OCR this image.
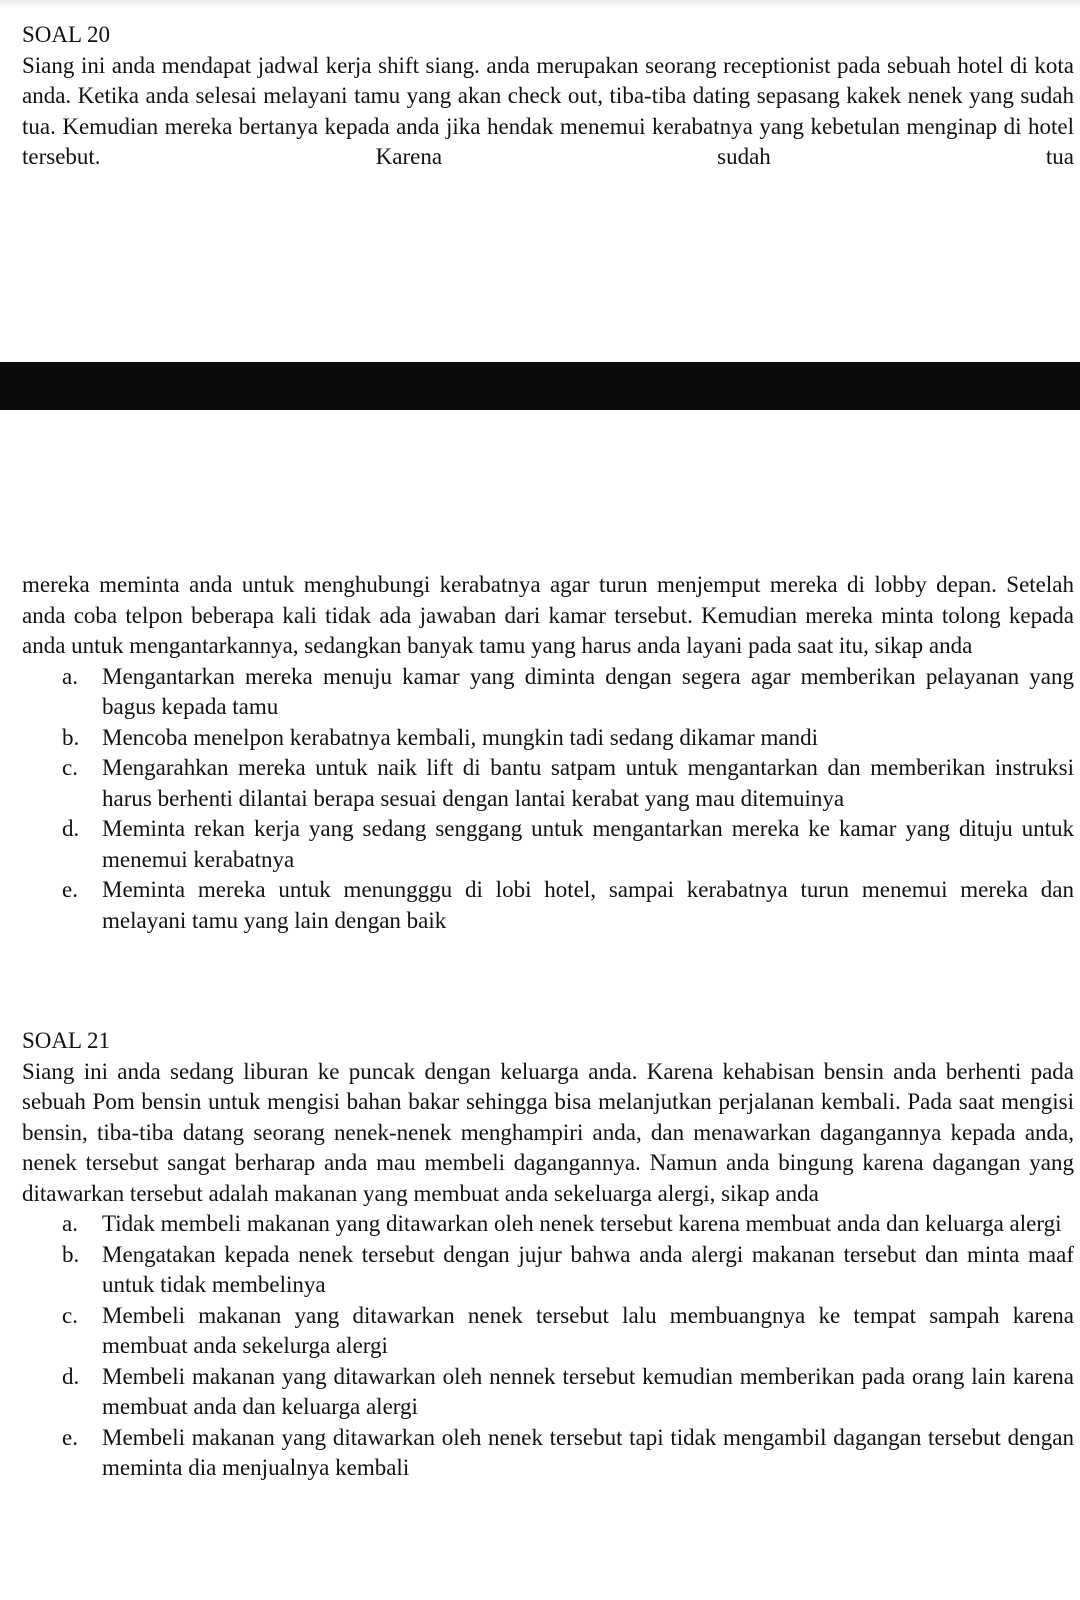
SOAL 20

Siang ini anda mendapat jadwal kerja shift siang. anda merupakan seorang receptionist pada sebuah hotel di kota anda. Ketika anda selesai melayani tamu yang akan check out, tiba-tiba dating sepasang kakek nenek yang sudah tua. Kemudian mereka bertanya kepada anda jika hendak menemui kerabatnya yang kebetulan menginap di hotel tersebut. Karena sudah tua

mereka meminta anda untuk menghubungi kerabatnya agar turun menjemput mereka di lobby depan. Setelah anda coba telpon beberapa kali tidak ada jawaban dari kamar tersebut. Kemudian mereka minta tolong kepada anda untuk mengantarkannya, sedangkan banyak tamu yang harus anda layani pada saat itu, sikap anda

a.	Mengantarkan mereka menuju kamar yang diminta dengan segera agar memberikan pelayanan yang bagus kepada tamu
b. Mencoba menelpon kerabatnya kembali, mungkin tadi sedang dikamar mandi
c.	Mengarahkan mereka untuk naik lift di bantu satpam untuk mengantarkan dan memberikan instruksi harus berhenti dilantai berapa sesuai dengan lantai kerabat yang mau ditemuinya
d. Meminta rekan kerja yang sedang senggang untuk mengantarkan mereka ke kamar yang dituju untuk menemui kerabatnya
e.	Meminta mereka untuk menungggu di lobi hotel, sampai kerabatnya turun menemui mereka dan melayani tamu yang lain dengan baik
SOAL 21

Siang ini anda sedang liburan ke puncak dengan keluarga anda. Karena kehabisan bensin anda berhenti pada sebuah Pom bensin untuk mengisi bahan bakar sehingga bisa melanjutkan perjalanan kembali. Pada saat mengisi bensin, tiba-tiba datang seorang nenek-nenek menghampiri anda, dan menawarkan dagangannya kepada anda, nenek tersebut sangat berharap anda mau membeli dagangannya. Namun anda bingung karena dagangan yang ditawarkan tersebut adalah makanan yang membuat anda sekeluarga alergi, sikap anda

a.	Tidak membeli makanan yang ditawarkan oleh nenek tersebut karena membuat anda dan keluarga alergi
b. Mengatakan kepada nenek tersebut dengan jujur bahwa anda alergi makanan tersebut dan minta maaf untuk tidak membelinya
c.	Membeli makanan yang ditawarkan nenek tersebut lalu membuangnya ke tempat sampah karena membuat anda sekelurga alergi
d. Membeli makanan yang ditawarkan oleh nennek tersebut kemudian memberikan pada orang lain karena membuat anda dan keluarga alergi
e.	Membeli makanan yang ditawarkan oleh nenek tersebut tapi tidak mengambil dagangan tersebut dengan meminta dia menjualnya kembali
